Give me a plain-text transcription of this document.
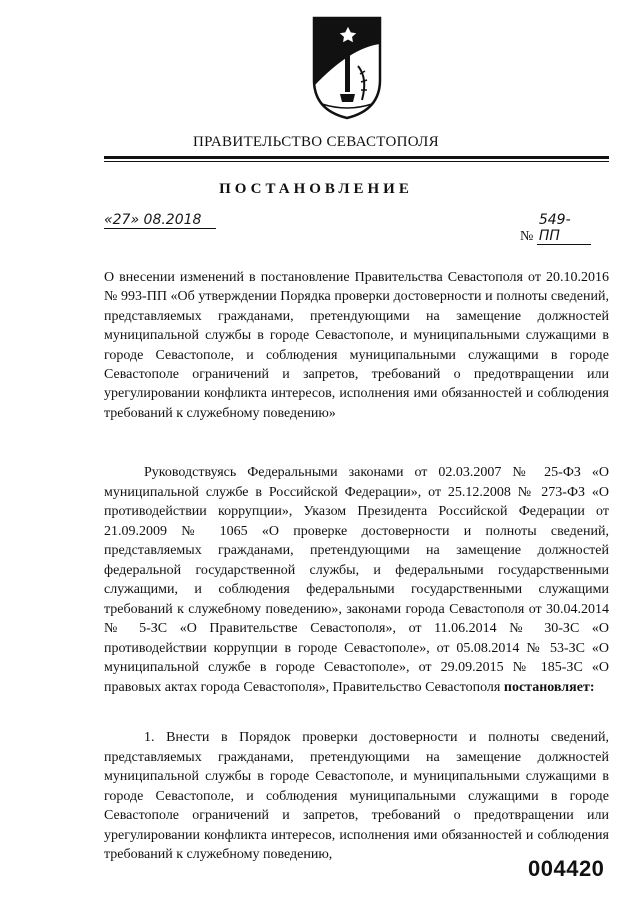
ПРАВИТЕЛЬСТВО СЕВАСТОПОЛЯ
ПОСТАНОВЛЕНИЕ
«27» 08.2018
№ 549-ПП
О внесении изменений в постановление Правительства Севастополя от 20.10.2016 № 993-ПП «Об утверждении Порядка проверки достоверности и полноты сведений, представляемых гражданами, претендующими на замещение должностей муниципальной службы в городе Севастополе, и муниципальными служащими в городе Севастополе, и соблюдения муниципальными служащими в городе Севастополе ограничений и запретов, требований о предотвращении или урегулировании конфликта интересов, исполнения ими обязанностей и соблюдения требований к служебному поведению»
Руководствуясь Федеральными законами от 02.03.2007 № 25-ФЗ «О муниципальной службе в Российской Федерации», от 25.12.2008 № 273-ФЗ «О противодействии коррупции», Указом Президента Российской Федерации от 21.09.2009 № 1065 «О проверке достоверности и полноты сведений, представляемых гражданами, претендующими на замещение должностей федеральной государственной службы, и федеральными государственными служащими, и соблюдения федеральными государственными служащими требований к служебному поведению», законами города Севастополя от 30.04.2014 № 5-ЗС «О Правительстве Севастополя», от 11.06.2014 № 30-ЗС «О противодействии коррупции в городе Севастополе», от 05.08.2014 № 53-ЗС «О муниципальной службе в городе Севастополе», от 29.09.2015 № 185-ЗС «О правовых актах города Севастополя», Правительство Севастополя постановляет:
1. Внести в Порядок проверки достоверности и полноты сведений, представляемых гражданами, претендующими на замещение должностей муниципальной службы в городе Севастополе, и муниципальными служащими в городе Севастополе, и соблюдения муниципальными служащими в городе Севастополе ограничений и запретов, требований о предотвращении или урегулировании конфликта интересов, исполнения ими обязанностей и соблюдения требований к служебному поведению,
004420
